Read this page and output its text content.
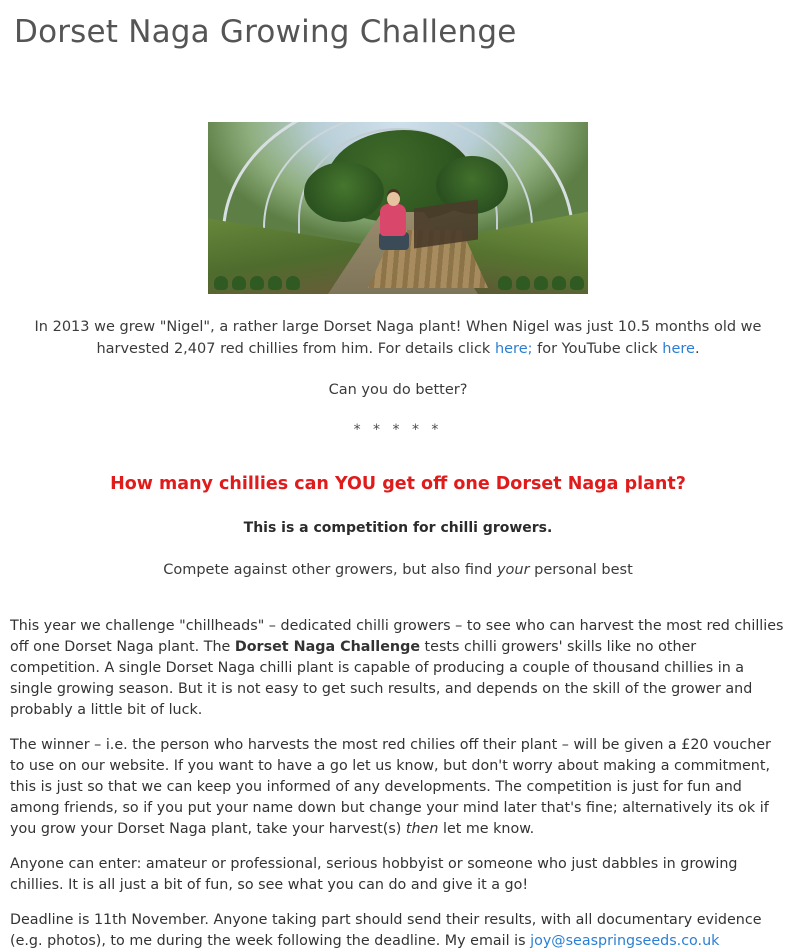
Dorset Naga Growing Challenge

In 2013 we grew "Nigel", a rather large Dorset Naga plant! When Nigel was just 10.5 months old we harvested 2,407 red chillies from him. For details click here; for YouTube click here.

Can you do better?
* * * * *
How many chillies can YOU get off one Dorset Naga plant?
This is a competition for chilli growers.
Compete against other growers, but also find your personal best

This year we challenge "chillheads" – dedicated chilli growers – to see who can harvest the most red chillies off one Dorset Naga plant. The Dorset Naga Challenge tests chilli growers' skills like no other competition. A single Dorset Naga chilli plant is capable of producing a couple of thousand chillies in a single growing season. But it is not easy to get such results, and depends on the skill of the grower and probably a little bit of luck.

The winner – i.e. the person who harvests the most red chilies off their plant – will be given a £20 voucher to use on our website. If you want to have a go let us know, but don't worry about making a commitment, this is just so that we can keep you informed of any developments. The competition is just for fun and among friends, so if you put your name down but change your mind later that's fine; alternatively its ok if you grow your Dorset Naga plant, take your harvest(s) then let me know.

Anyone can enter: amateur or professional, serious hobbyist or someone who just dabbles in growing chillies. It is all just a bit of fun, so see what you can do and give it a go!

Deadline is 11th November. Anyone taking part should send their results, with all documentary evidence (e.g. photos), to me during the week following the deadline. My email is joy@seaspringseeds.co.uk
